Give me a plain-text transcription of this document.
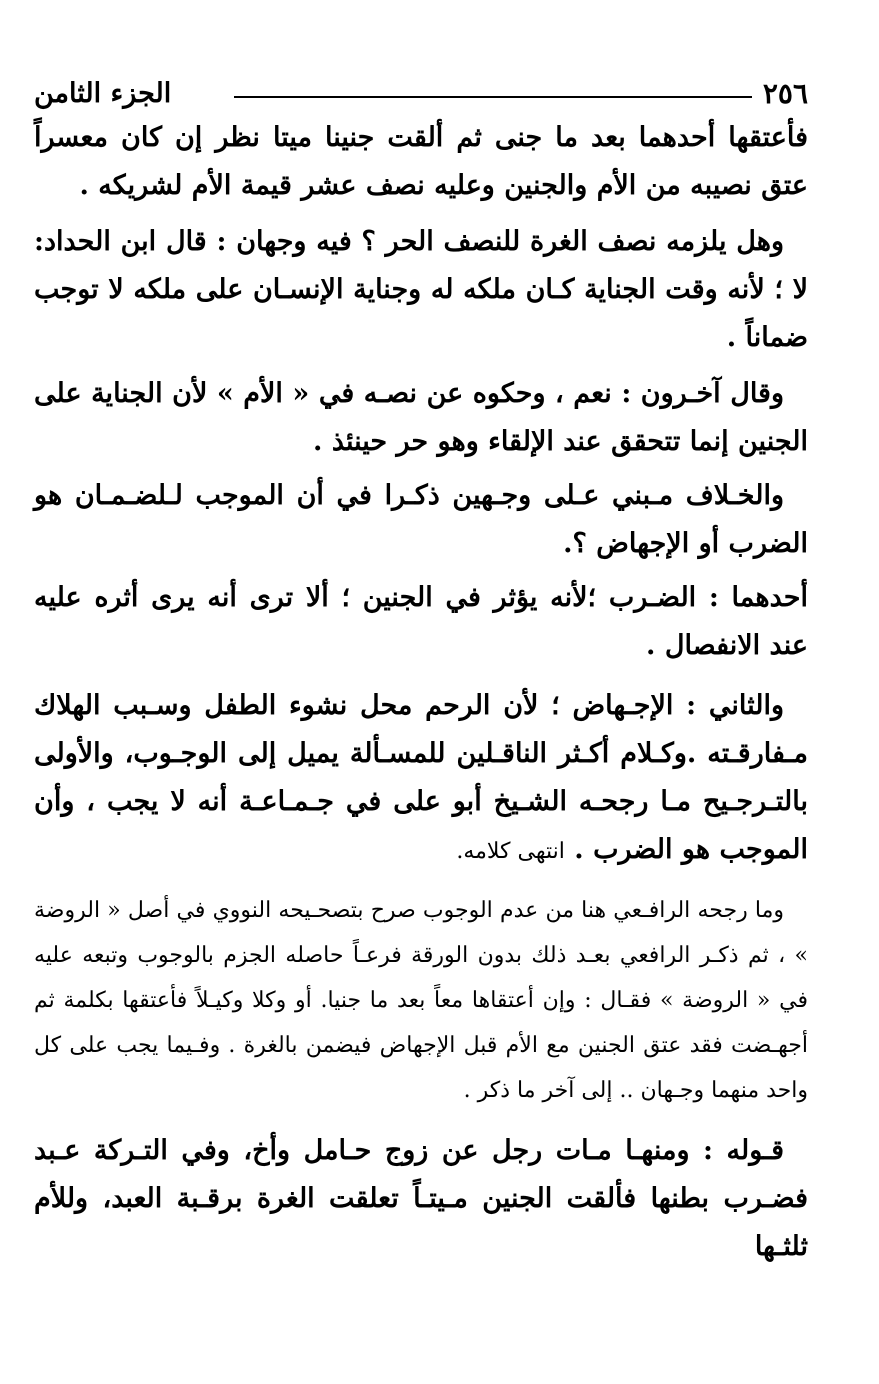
٢٥٦
الجزء الثامن

فأعتقها أحدهما بعد ما جنى ثم ألقت جنينا ميتا نظر إن كان معسراً عتق نصيبه من الأم والجنين وعليه نصف عشر قيمة الأم لشريكه .

وهل يلزمه نصف الغرة للنصف الحر ؟ فيه وجهان : قال ابن الحداد: لا ؛ لأنه وقت الجناية كـان ملكه له وجناية الإنسـان على ملكه لا توجب ضماناً .

وقال آخـرون : نعم ، وحكوه عن نصـه في « الأم » لأن الجناية على الجنين إنما تتحقق عند الإلقاء وهو حر حينئذ .

والخـلاف مـبني عـلى وجـهين ذكـرا في أن الموجب لـلضـمـان هو الضرب أو الإجهاض ؟.

أحدهما : الضـرب ؛لأنه يؤثر في الجنين ؛ ألا ترى أنه يرى أثره عليه عند الانفصال .

والثاني : الإجـهاض ؛ لأن الرحم محل نشوء الطفل وسـبب الهلاك مـفارقـته .وكـلام أكـثر الناقـلين للمسـألة يميل إلى الوجـوب، والأولى بالتـرجـيح مـا رجحـه الشـيخ أبو على في جـمـاعـة أنه لا يجب ، وأن الموجب هو الضرب . انتهى كلامه.

وما رجحه الرافـعي هنا من عدم الوجوب صرح بتصحـيحه النووي في أصل « الروضة » ، ثم ذكـر الرافعي بعـد ذلك بدون الورقة فرعـاً حاصله الجزم بالوجوب وتبعه عليه في « الروضة » فقـال : وإن أعتقاها معاً بعد ما جنيا. أو وكلا وكيـلاً فأعتقها بكلمة ثم أجهـضت فقد عتق الجنين مع الأم قبل الإجهاض فيضمن بالغرة . وفـيما يجب على كل واحد منهما وجـهان .. إلى آخر ما ذكر .

قـوله : ومنهـا مـات رجل عن زوج حـامل وأخ، وفي التـركة عـبد فضـرب بطنها فألقت الجنين مـيتـاً تعلقت الغرة برقـبة العبد، وللأم ثلثـها
